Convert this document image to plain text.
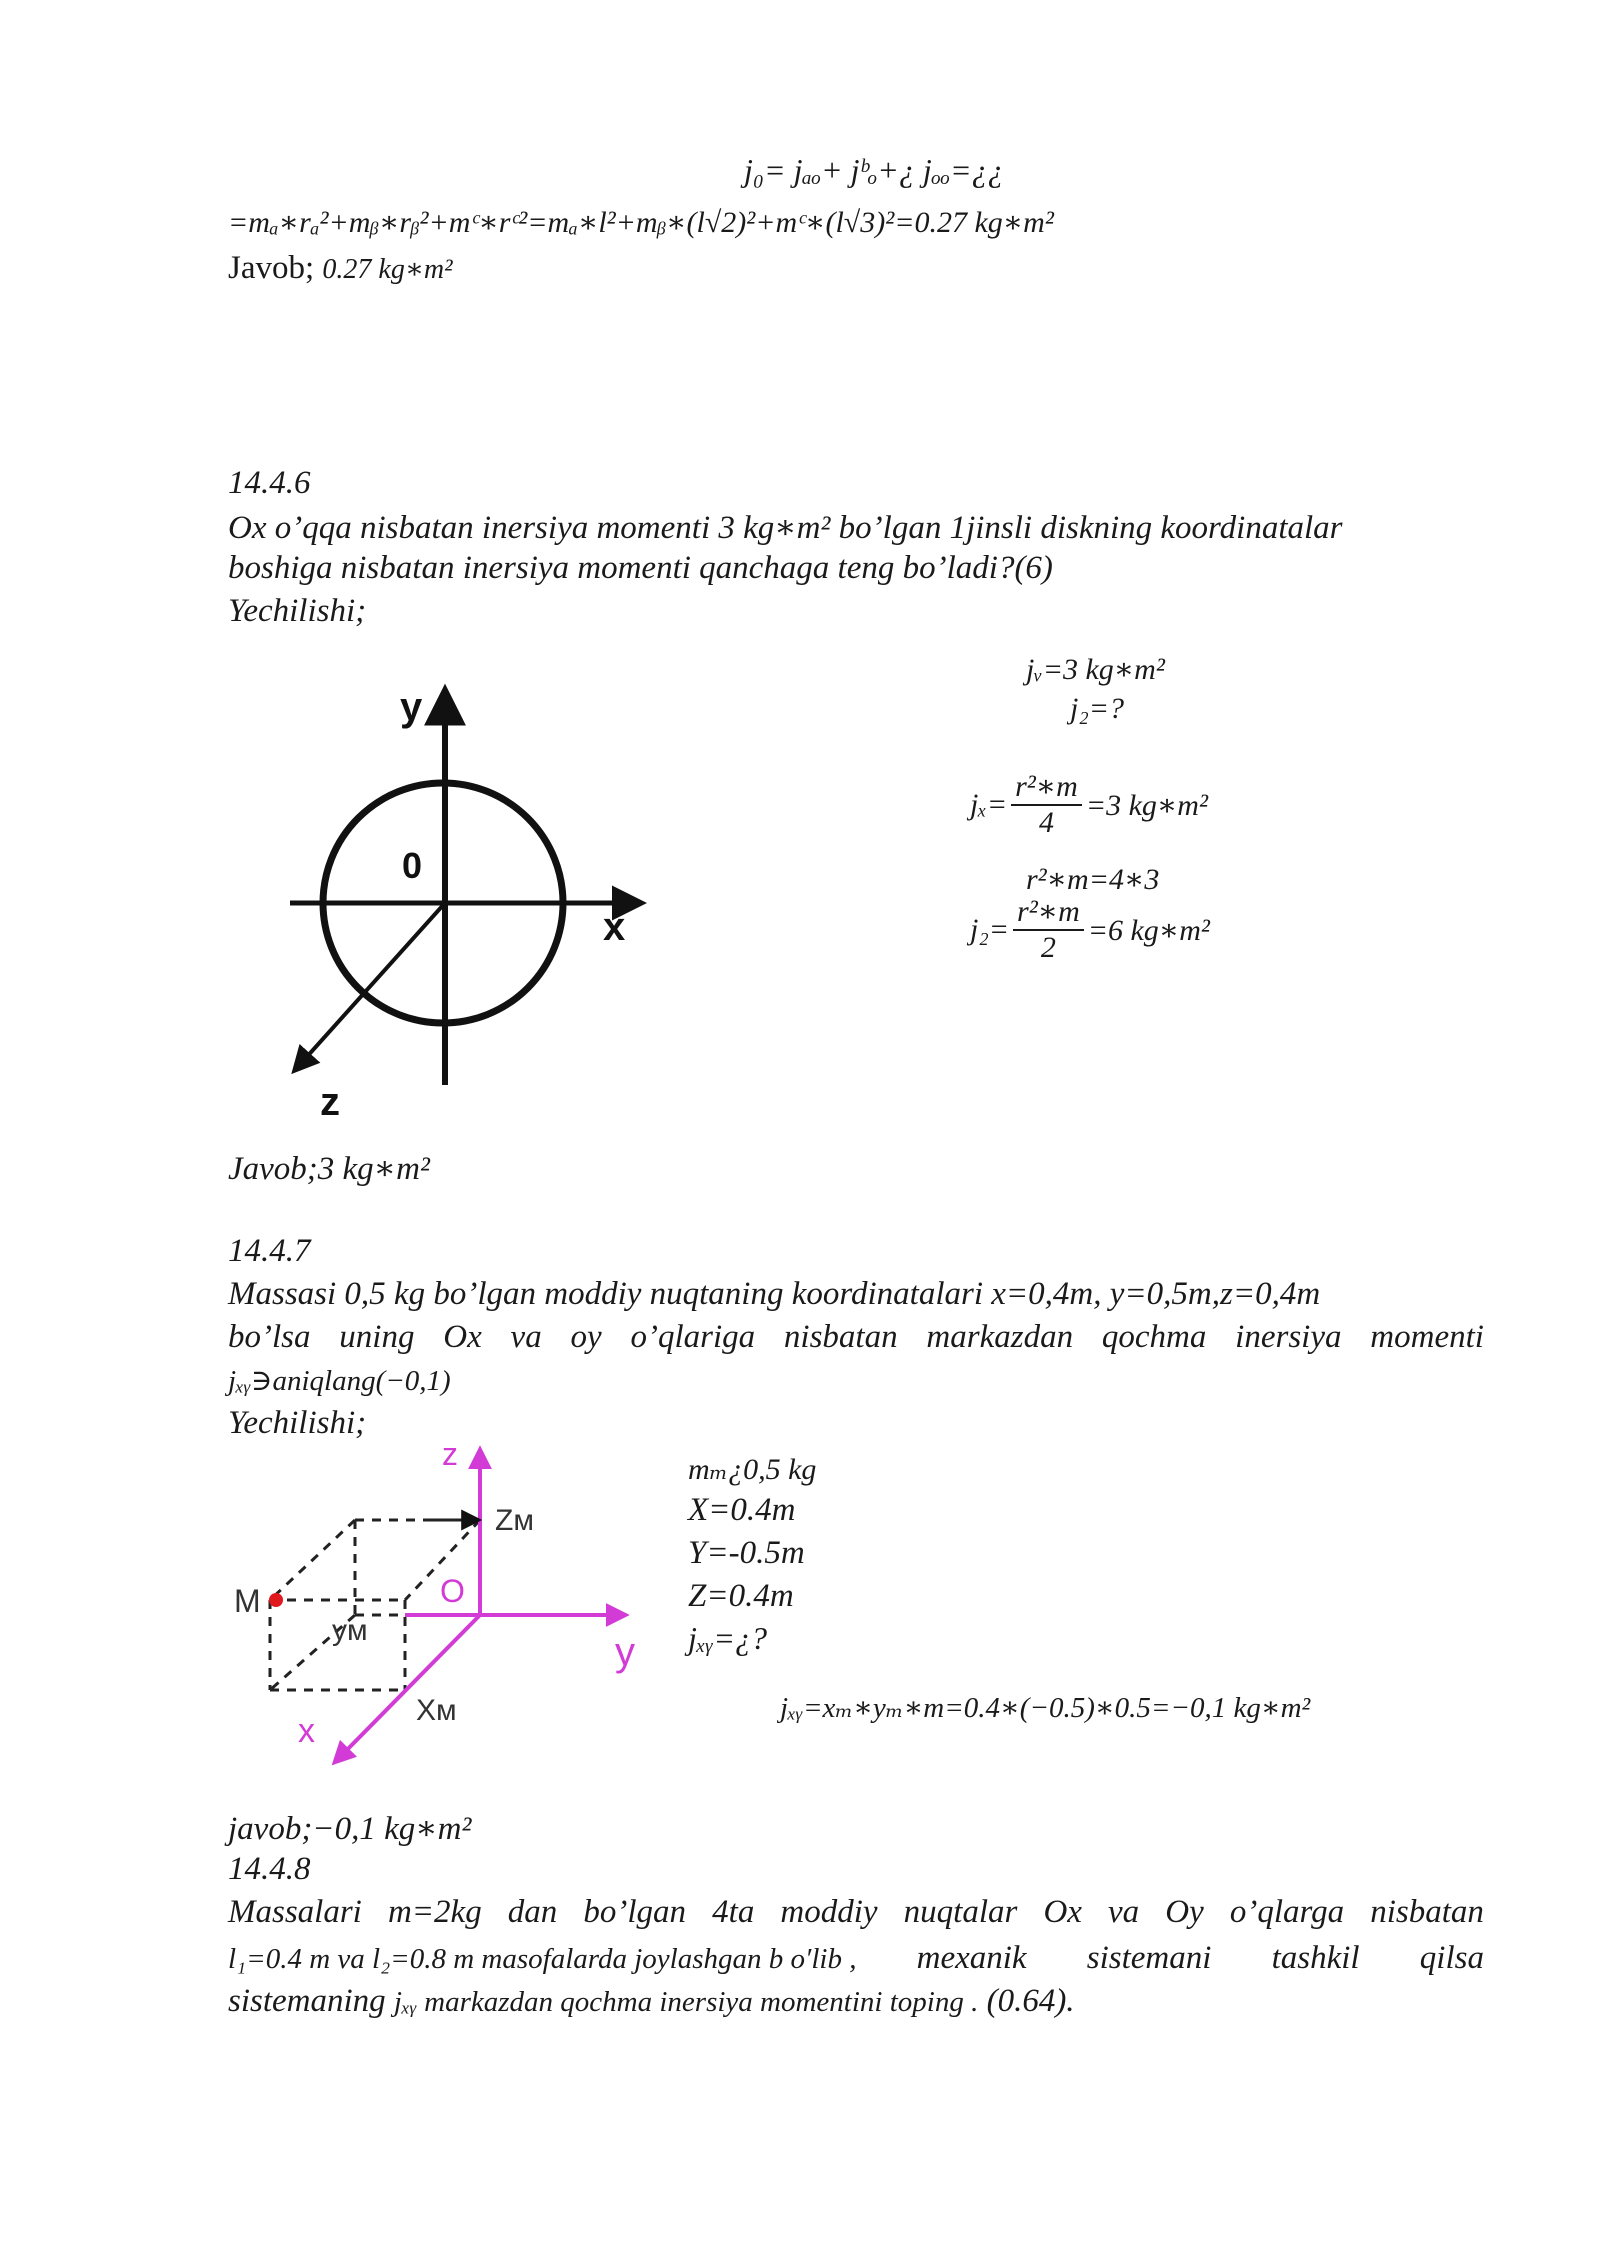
j₀= jₐₒ+ jᵇₒ+¿ jₒₒ=¿¿
=mₐ∗rₐ²+mᵦ∗rᵦ²+mᶜ∗rᶜ²=mₐ∗l²+mᵦ∗(l√2)²+mᶜ∗(l√3)²=0.27 kg∗m²
Javob; 0.27 kg∗m²
14.4.6
Ox o’qqa nisbatan inersiya momenti 3 kg∗m² bo’lgan 1jinsli diskning koordinatalar
boshiga nisbatan inersiya momenti qanchaga teng bo’ladi?(6)
Yechilishi;
y
x
z
0
jᵥ=3 kg∗m²
j₂=?
$j_x= \frac{\text{r²∗m}}{4} =3$ kg∗m²
r²∗m=4∗3
$j_2= \frac{\text{r²∗m}}{2} =6$ kg∗m²
Javob;3 kg∗m²
14.4.7
Massasi 0,5 kg bo’lgan moddiy nuqtaning koordinatalari x=0,4m, y=0,5m,z=0,4m
bo’lsa uning Ox va oy o’qlariga nisbatan markazdan qochma inersiya momenti
jₓᵧ∋aniqlang(−0,1)
Yechilishi;
z
Zм
M
yм
O
y
x
Xм
mₘ¿0,5 kg
X=0.4m
Y=-0.5m
Z=0.4m
jₓᵧ=¿?
jₓᵧ=xₘ∗yₘ∗m=0.4∗(−0.5)∗0.5=−0,1 kg∗m²
javob;−0,1 kg∗m²
14.4.8
Massalari m=2kg dan bo’lgan 4ta moddiy nuqtalar Ox va Oy o’qlarga nisbatan
l₁=0.4 m va l₂=0.8 m masofalarda joylashgan b o′lib , mexanik sistemani tashkil qilsa
sistemaning jₓᵧ markazdan qochma inersiya momentini toping . (0.64).
